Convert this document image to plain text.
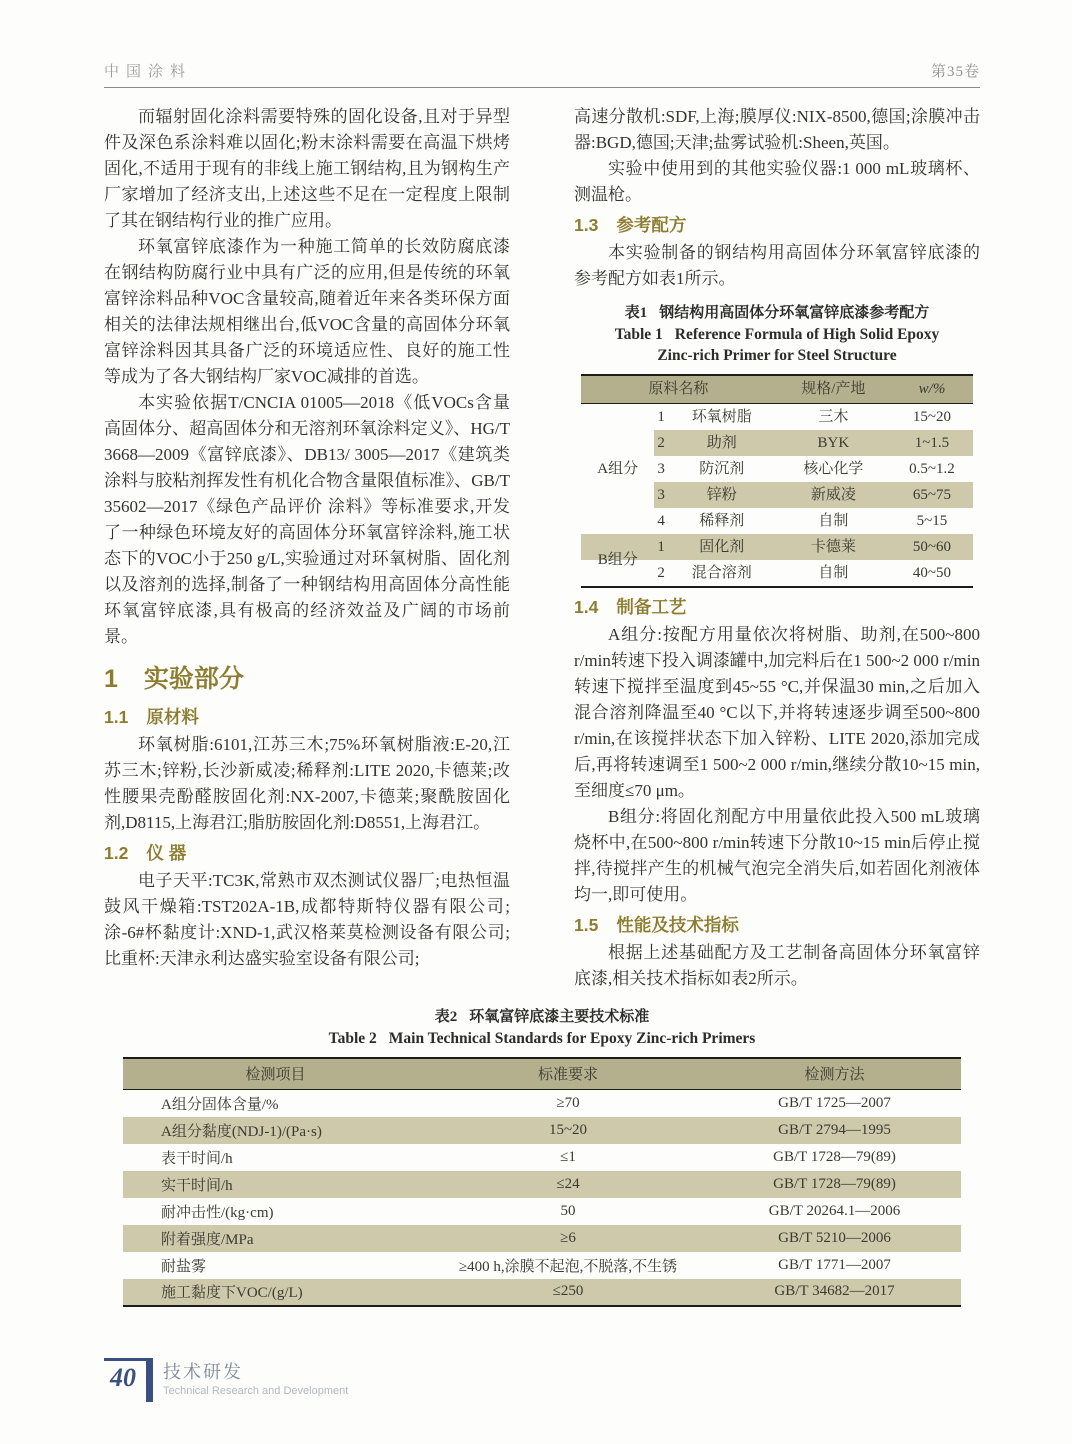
中国涂料	第35卷

而辐射固化涂料需要特殊的固化设备,且对于异型件及深色系涂料难以固化;粉末涂料需要在高温下烘烤固化,不适用于现有的非线上施工钢结构,且为钢构生产厂家增加了经济支出,上述这些不足在一定程度上限制了其在钢结构行业的推广应用。

环氧富锌底漆作为一种施工简单的长效防腐底漆在钢结构防腐行业中具有广泛的应用,但是传统的环氧富锌涂料品种VOC含量较高,随着近年来各类环保方面相关的法律法规相继出台,低VOC含量的高固体分环氧富锌涂料因其具备广泛的环境适应性、良好的施工性等成为了各大钢结构厂家VOC减排的首选。

本实验依据T/CNCIA 01005—2018《低VOCs含量高固体分、超高固体分和无溶剂环氧涂料定义》、HG/T 3668—2009《富锌底漆》、DB13/ 3005—2017《建筑类涂料与胶粘剂挥发性有机化合物含量限值标准》、GB/T 35602—2017《绿色产品评价 涂料》等标准要求,开发了一种绿色环境友好的高固体分环氧富锌涂料,施工状态下的VOC小于250 g/L,实验通过对环氧树脂、固化剂以及溶剂的选择,制备了一种钢结构用高固体分高性能环氧富锌底漆,具有极高的经济效益及广阔的市场前景。

1 实验部分
1.1 原材料

环氧树脂:6101,江苏三木;75%环氧树脂液:E-20,江苏三木;锌粉,长沙新威凌;稀释剂:LITE 2020,卡德莱;改性腰果壳酚醛胺固化剂:NX-2007,卡德莱;聚酰胺固化剂,D8115,上海君江;脂肪胺固化剂:D8551,上海君江。

1.2 仪 器

电子天平:TC3K,常熟市双杰测试仪器厂;电热恒温鼓风干燥箱:TST202A-1B,成都特斯特仪器有限公司;涂-6#杯黏度计:XND-1,武汉格莱莫检测设备有限公司;比重杯:天津永利达盛实验室设备有限公司;

高速分散机:SDF,上海;膜厚仪:NIX-8500,德国;涂膜冲击器:BGD,德国;天津;盐雾试验机:Sheen,英国。

实验中使用到的其他实验仪器:1 000 mL玻璃杯、测温枪。

1.3 参考配方

本实验制备的钢结构用高固体分环氧富锌底漆的参考配方如表1所示。

表1 钢结构用高固体分环氧富锌底漆参考配方
Table 1 Reference Formula of High Solid Epoxy
Zinc-rich Primer for Steel Structure
原料名称			规格/产地	w/%
A组分	1	环氧树脂	三木	15~20
	2	助剂	BYK	1~1.5
	3	防沉剂	核心化学	0.5~1.2
	3	锌粉	新威凌	65~75
	4	稀释剂	自制	5~15
B组分	1	固化剂	卡德莱	50~60
	2	混合溶剂	自制	40~50
1.4 制备工艺

A组分:按配方用量依次将树脂、助剂,在500~800 r/min转速下投入调漆罐中,加完料后在1 500~2 000 r/min转速下搅拌至温度到45~55 °C,并保温30 min,之后加入混合溶剂降温至40 °C以下,并将转速逐步调至500~800 r/min,在该搅拌状态下加入锌粉、LITE 2020,添加完成后,再将转速调至1 500~2 000 r/min,继续分散10~15 min,至细度≤70 μm。

B组分:将固化剂配方中用量依此投入500 mL玻璃烧杯中,在500~800 r/min转速下分散10~15 min后停止搅拌,待搅拌产生的机械气泡完全消失后,如若固化剂液体均一,即可使用。

1.5 性能及技术指标

根据上述基础配方及工艺制备高固体分环氧富锌底漆,相关技术指标如表2所示。

表2 环氧富锌底漆主要技术标准
Table 2 Main Technical Standards for Epoxy Zinc-rich Primers
检测项目	标准要求	检测方法
A组分固体含量/%	≥70	GB/T 1725—2007
A组分黏度(NDJ-1)/(Pa·s)	15~20	GB/T 2794—1995
表干时间/h	≤1	GB/T 1728—79(89)
实干时间/h	≤24	GB/T 1728—79(89)
耐冲击性/(kg·cm)	50	GB/T 20264.1—2006
附着强度/MPa	≥6	GB/T 5210—2006
耐盐雾	≥400 h,涂膜不起泡,不脱落,不生锈	GB/T 1771—2007
施工黏度下VOC/(g/L)	≤250	GB/T 34682—2017
40 技术研发
Technical Research and Development
